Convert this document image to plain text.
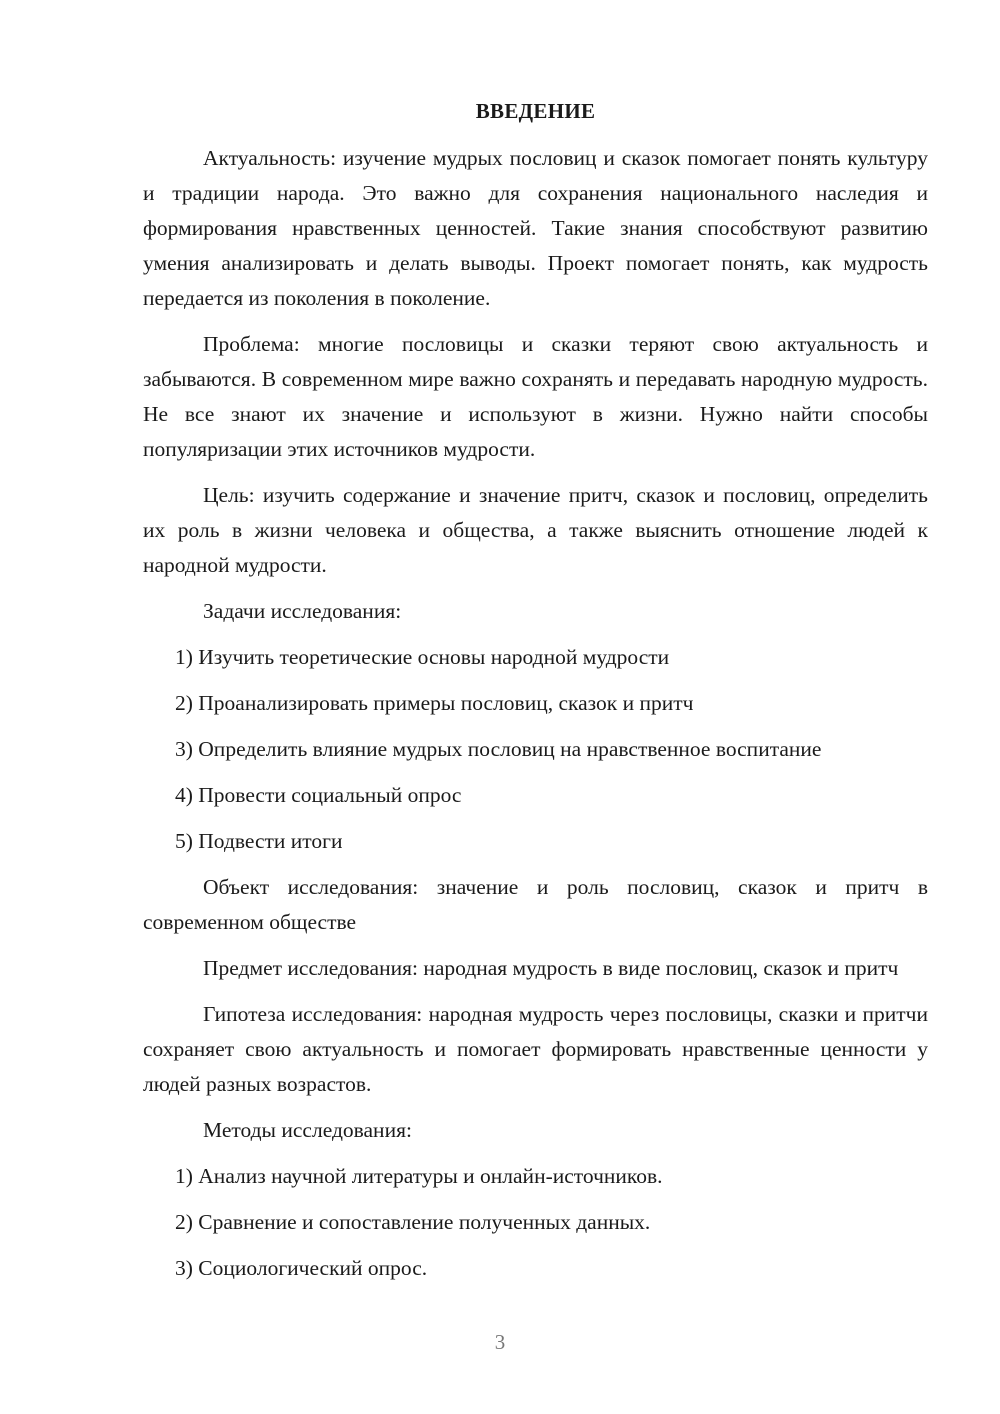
ВВЕДЕНИЕ

Актуальность: изучение мудрых пословиц и сказок помогает понять культуру и традиции народа. Это важно для сохранения национального наследия и формирования нравственных ценностей. Такие знания способствуют развитию умения анализировать и делать выводы. Проект помогает понять, как мудрость передается из поколения в поколение.

Проблема: многие пословицы и сказки теряют свою актуальность и забываются. В современном мире важно сохранять и передавать народную мудрость. Не все знают их значение и используют в жизни. Нужно найти способы популяризации этих источников мудрости.

Цель: изучить содержание и значение притч, сказок и пословиц, определить их роль в жизни человека и общества, а также выяснить отношение людей к народной мудрости.

Задачи исследования:
1) Изучить теоретические основы народной мудрости
2) Проанализировать примеры пословиц, сказок и притч
3) Определить влияние мудрых пословиц на нравственное воспитание
4) Провести социальный опрос
5) Подвести итоги

Объект исследования: значение и роль пословиц, сказок и притч в современном обществе

Предмет исследования: народная мудрость в виде пословиц, сказок и притч

Гипотеза исследования: народная мудрость через пословицы, сказки и притчи сохраняет свою актуальность и помогает формировать нравственные ценности у людей разных возрастов.

Методы исследования:
1) Анализ научной литературы и онлайн-источников.
2) Сравнение и сопоставление полученных данных.
3) Социологический опрос.
3
